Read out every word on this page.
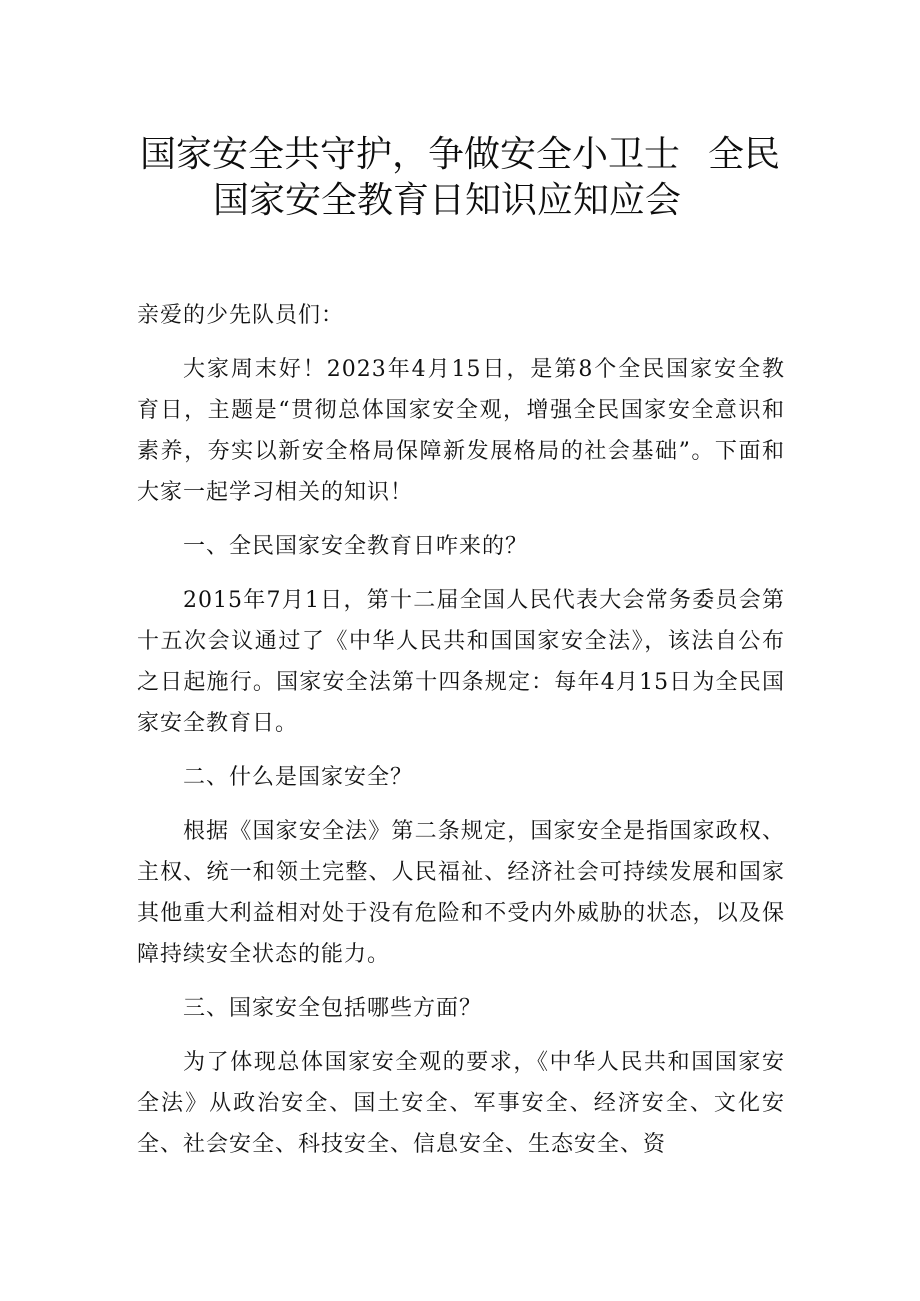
国家安全共守护，争做安全小卫士 全民
国家安全教育日知识应知应会

亲爱的少先队员们：

大家周末好！2023年4月15日，是第8个全民国家安全教育日，主题是“贯彻总体国家安全观，增强全民国家安全意识和素养，夯实以新安全格局保障新发展格局的社会基础”。下面和大家一起学习相关的知识！

一、全民国家安全教育日咋来的？

2015年7月1日，第十二届全国人民代表大会常务委员会第十五次会议通过了《中华人民共和国国家安全法》，该法自公布之日起施行。国家安全法第十四条规定：每年4月15日为全民国家安全教育日。

二、什么是国家安全？

根据《国家安全法》第二条规定，国家安全是指国家政权、主权、统一和领土完整、人民福祉、经济社会可持续发展和国家其他重大利益相对处于没有危险和不受内外威胁的状态，以及保障持续安全状态的能力。

三、国家安全包括哪些方面？

为了体现总体国家安全观的要求，《中华人民共和国国家安全法》从政治安全、国土安全、军事安全、经济安全、文化安全、社会安全、科技安全、信息安全、生态安全、资
